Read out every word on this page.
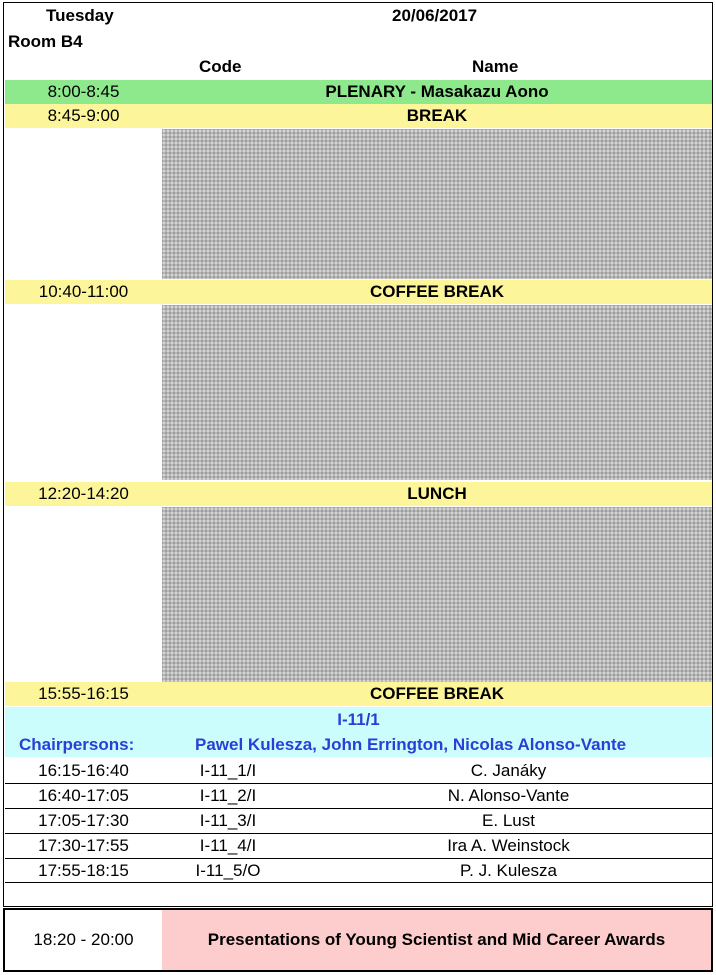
Tuesday	20/06/2017
Room B4
Code	Name
8:00-8:45	PLENARY - Masakazu Aono
8:45-9:00	BREAK
10:40-11:00	COFFEE BREAK
12:20-14:20	LUNCH
15:55-16:15	COFFEE BREAK
I-11/1
Chairpersons:	Pawel Kulesza, John Errington, Nicolas Alonso-Vante
16:15-16:40	I-11_1/I	C. Janáky
16:40-17:05	I-11_2/I	N. Alonso-Vante
17:05-17:30	I-11_3/I	E. Lust
17:30-17:55	I-11_4/I	Ira A. Weinstock
17:55-18:15	I-11_5/O	P. J. Kulesza
18:20 - 20:00	Presentations of Young Scientist and Mid Career Awards
